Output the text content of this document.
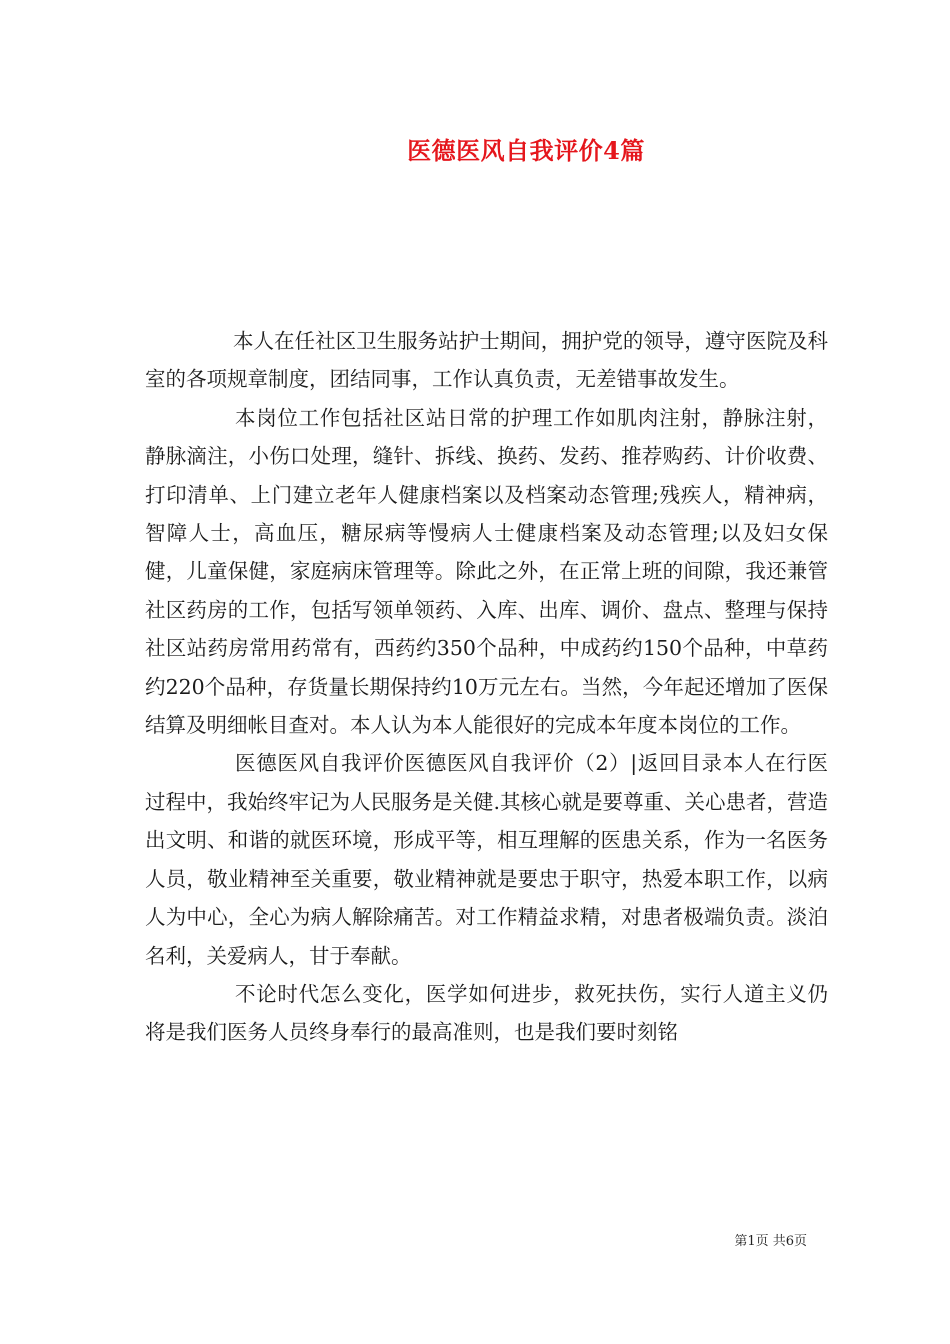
医德医风自我评价4篇

本人在任社区卫生服务站护士期间，拥护党的领导，遵守医院及科室的各项规章制度，团结同事，工作认真负责，无差错事故发生。

本岗位工作包括社区站日常的护理工作如肌肉注射，静脉注射，静脉滴注，小伤口处理，缝针、拆线、换药、发药、推荐购药、计价收费、打印清单、上门建立老年人健康档案以及档案动态管理;残疾人，精神病，智障人士，高血压，糖尿病等慢病人士健康档案及动态管理;以及妇女保健，儿童保健，家庭病床管理等。除此之外，在正常上班的间隙，我还兼管社区药房的工作，包括写领单领药、入库、出库、调价、盘点、整理与保持社区站药房常用药常有，西药约350个品种，中成药约150个品种，中草药约220个品种，存货量长期保持约10万元左右。当然，今年起还增加了医保结算及明细帐目查对。本人认为本人能很好的完成本年度本岗位的工作。

医德医风自我评价医德医风自我评价（2）|返回目录本人在行医过程中，我始终牢记为人民服务是关健.其核心就是要尊重、关心患者，营造出文明、和谐的就医环境，形成平等，相互理解的医患关系，作为一名医务人员，敬业精神至关重要，敬业精神就是要忠于职守，热爱本职工作，以病人为中心，全心为病人解除痛苦。对工作精益求精，对患者极端负责。淡泊名利，关爱病人，甘于奉献。

不论时代怎么变化，医学如何进步，救死扶伤，实行人道主义仍将是我们医务人员终身奉行的最高准则，也是我们要时刻铭

第1页 共6页
